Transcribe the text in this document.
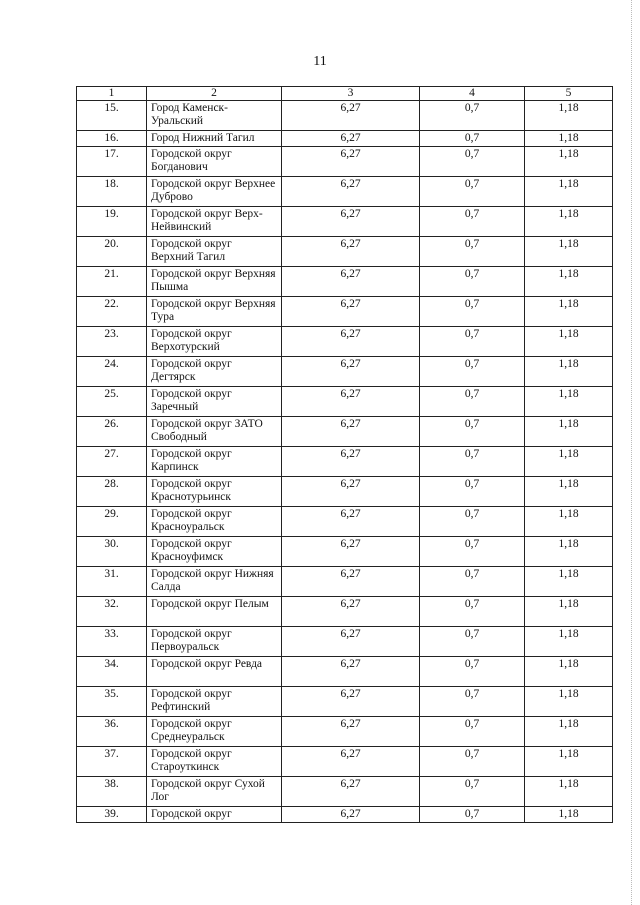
11
1	2	3	4	5
15.	Город Каменск-Уральский	6,27	0,7	1,18
16.	Город Нижний Тагил	6,27	0,7	1,18
17.	Городской округ Богданович	6,27	0,7	1,18
18.	Городской округ Верхнее Дуброво	6,27	0,7	1,18
19.	Городской округ Верх-Нейвинский	6,27	0,7	1,18
20.	Городской округ Верхний Тагил	6,27	0,7	1,18
21.	Городской округ Верхняя Пышма	6,27	0,7	1,18
22.	Городской округ Верхняя Тура	6,27	0,7	1,18
23.	Городской округ Верхотурский	6,27	0,7	1,18
24.	Городской округ Дегтярск	6,27	0,7	1,18
25.	Городской округ Заречный	6,27	0,7	1,18
26.	Городской округ ЗАТО Свободный	6,27	0,7	1,18
27.	Городской округ Карпинск	6,27	0,7	1,18
28.	Городской округ Краснотурьинск	6,27	0,7	1,18
29.	Городской округ Красноуральск	6,27	0,7	1,18
30.	Городской округ Красноуфимск	6,27	0,7	1,18
31.	Городской округ Нижняя Салда	6,27	0,7	1,18
32.	Городской округ Пелым	6,27	0,7	1,18
33.	Городской округ Первоуральск	6,27	0,7	1,18
34.	Городской округ Ревда	6,27	0,7	1,18
35.	Городской округ Рефтинский	6,27	0,7	1,18
36.	Городской округ Среднеуральск	6,27	0,7	1,18
37.	Городской округ Староуткинск	6,27	0,7	1,18
38.	Городской округ Сухой Лог	6,27	0,7	1,18
39.	Городской округ	6,27	0,7	1,18
